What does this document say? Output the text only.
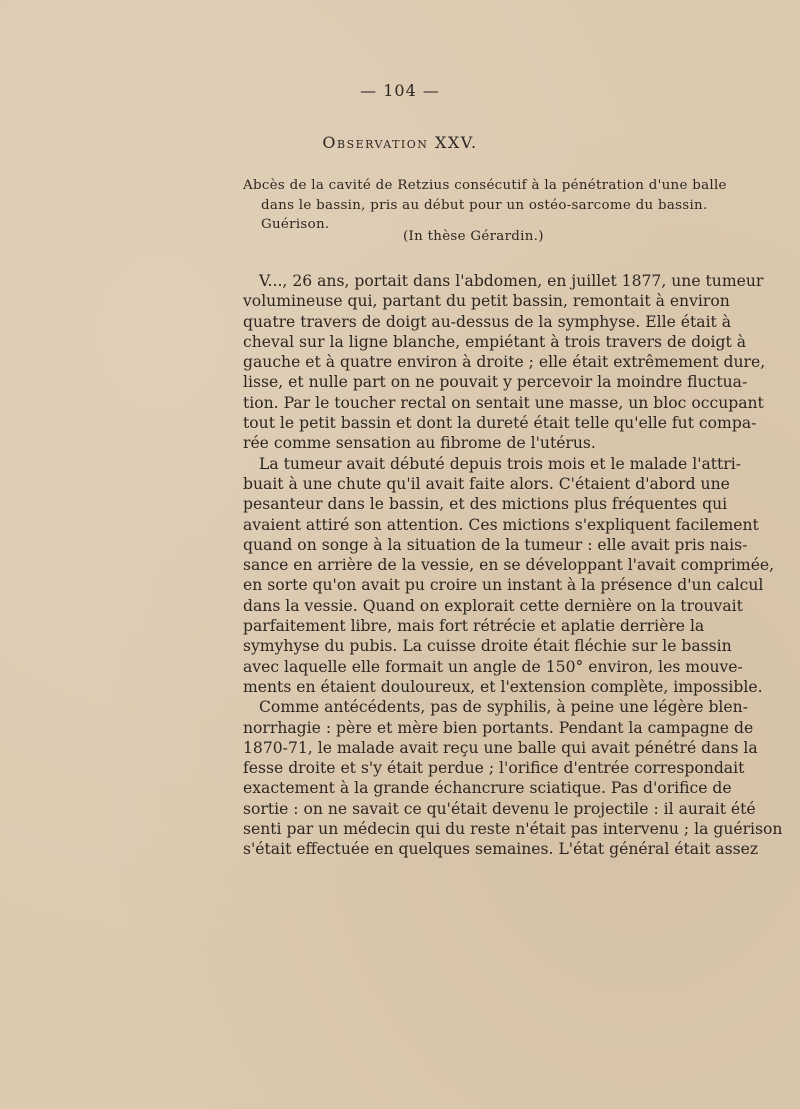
— 104 —
Observation XXV.
Abcès de la cavité de Retzius consécutif à la pénétration d'une balle
dans le bassin, pris au début pour un ostéo-sarcome du bassin.
Guérison.
(In thèse Gérardin.)
V..., 26 ans, portait dans l'abdomen, en juillet 1877, une tumeur
volumineuse qui, partant du petit bassin, remontait à environ
quatre travers de doigt au-dessus de la symphyse. Elle était à
cheval sur la ligne blanche, empiétant à trois travers de doigt à
gauche et à quatre environ à droite ; elle était extrêmement dure,
lisse, et nulle part on ne pouvait y percevoir la moindre fluctua-
tion. Par le toucher rectal on sentait une masse, un bloc occupant
tout le petit bassin et dont la dureté était telle qu'elle fut compa-
rée comme sensation au fibrome de l'utérus.
La tumeur avait débuté depuis trois mois et le malade l'attri-
buait à une chute qu'il avait faite alors. C'étaient d'abord une
pesanteur dans le bassin, et des mictions plus fréquentes qui
avaient attiré son attention. Ces mictions s'expliquent facilement
quand on songe à la situation de la tumeur : elle avait pris nais-
sance en arrière de la vessie, en se développant l'avait comprimée,
en sorte qu'on avait pu croire un instant à la présence d'un calcul
dans la vessie. Quand on explorait cette dernière on la trouvait
parfaitement libre, mais fort rétrécie et aplatie derrière la
symyhyse du pubis. La cuisse droite était fléchie sur le bassin
avec laquelle elle formait un angle de 150° environ, les mouve-
ments en étaient douloureux, et l'extension complète, impossible.
Comme antécédents, pas de syphilis, à peine une légère blen-
norrhagie : père et mère bien portants. Pendant la campagne de
1870-71, le malade avait reçu une balle qui avait pénétré dans la
fesse droite et s'y était perdue ; l'orifice d'entrée correspondait
exactement à la grande échancrure sciatique. Pas d'orifice de
sortie : on ne savait ce qu'était devenu le projectile : il aurait été
senti par un médecin qui du reste n'était pas intervenu ; la guérison
s'était effectuée en quelques semaines. L'état général était assez
